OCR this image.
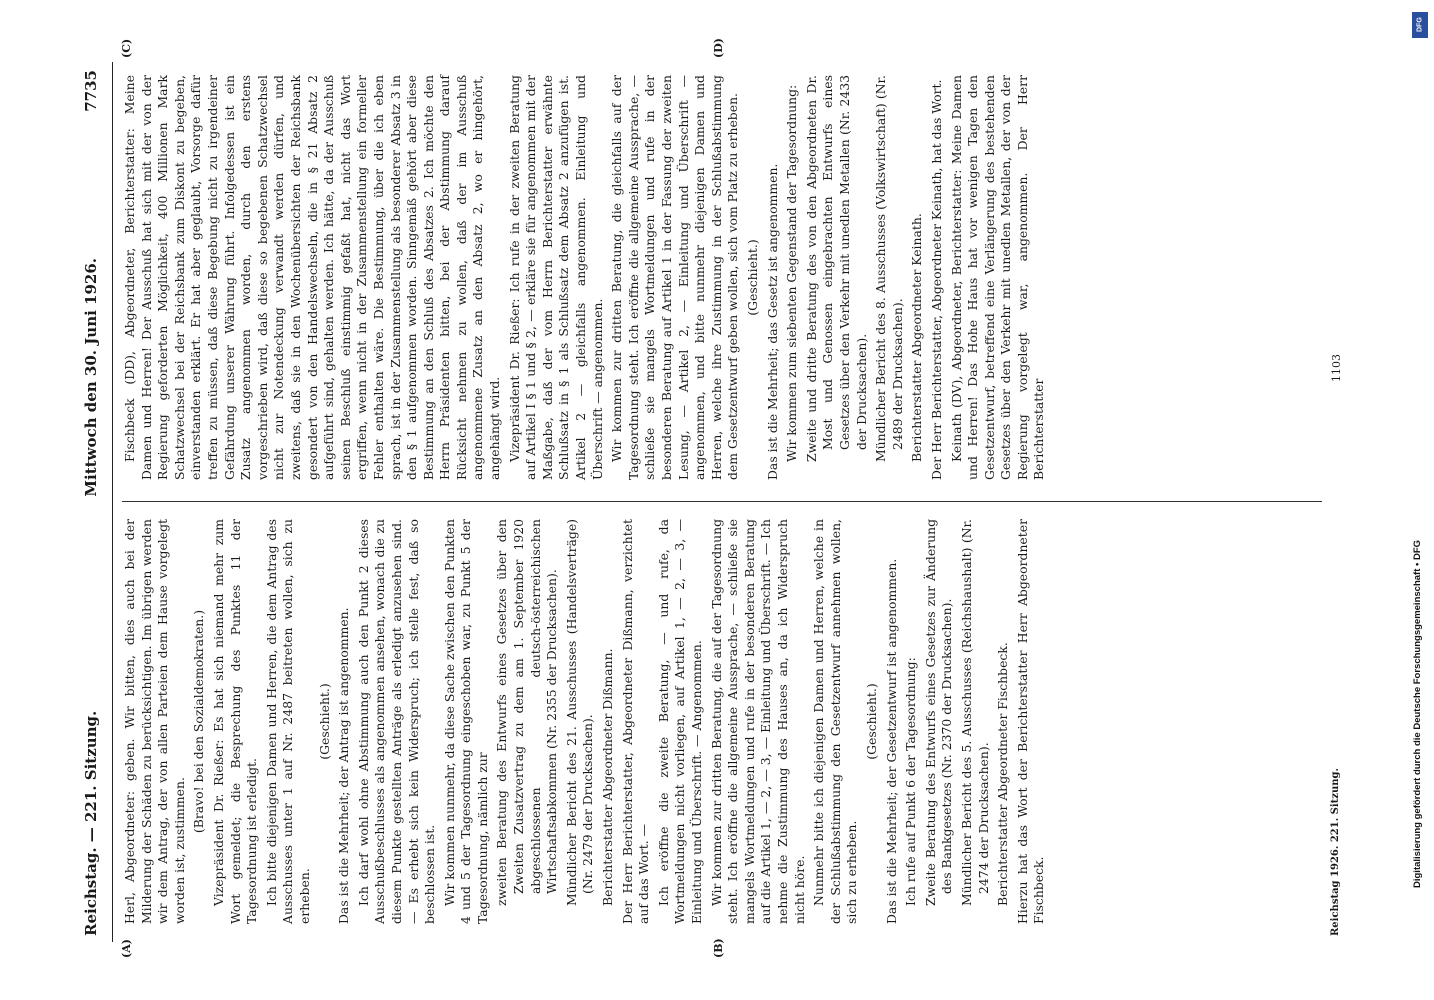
Reichstag. — 221. Sitzung.
Mittwoch den 30. Juni 1926.                            7735
(A)	(B)
(C)	(D)

Herl, Abgeordneter: geben. Wir bitten, dies auch bei der Milderung der Schäden zu berücksichtigen. Im übrigen werden wir dem Antrag, der von allen Parteien dem Hause vorgelegt worden ist, zustimmen.

(Bravo! bei den Sozialdemokraten.) Vizepräsident Dr. Rießer: Es hat sich niemand mehr zum Wort gemeldet; die Besprechung des Punktes 11 der Tagesordnung ist erledigt. Ich bitte diejenigen Damen und Herren, die dem Antrag des Ausschusses unter 1 auf Nr. 2487 beitreten wollen, sich zu erheben.

(Geschieht.) Das ist die Mehrheit; der Antrag ist angenommen. Ich darf wohl ohne Abstimmung auch den Punkt 2 dieses Ausschußbeschlusses als angenommen ansehen, wonach die zu diesem Punkte gestellten Anträge als erledigt anzusehen sind. — Es erhebt sich kein Widerspruch; ich stelle fest, daß so beschlossen ist. Wir kommen nunmehr, da diese Sache zwischen den Punkten 4 und 5 der Tagesordnung eingeschoben war, zu Punkt 5 der Tagesordnung, nämlich zur zweiten Beratung des Entwurfs eines Gesetzes über den Zweiten Zusatzvertrag zu dem am 1. September 1920 abgeschlossenen deutsch-österreichischen Wirtschaftsabkommen (Nr. 2355 der Drucksachen). Mündlicher Bericht des 21. Ausschusses (Handelsverträge) (Nr. 2479 der Drucksachen). Berichterstatter Abgeordneter Dißmann. Der Herr Berichterstatter, Abgeordneter Dißmann, verzichtet auf das Wort. — Ich eröffne die zweite Beratung, — und rufe, da Wortmeldungen nicht vorliegen, auf Artikel 1, — 2, — 3, — Einleitung und Überschrift. — Angenommen. Wir kommen zur dritten Beratung, die auf der Tagesordnung steht. Ich eröffne die allgemeine Aussprache, — schließe sie mangels Wortmeldungen und rufe in der besonderen Beratung auf die Artikel 1, — 2, — 3, — Einleitung und Überschrift. — Ich nehme die Zustimmung des Hauses an, da ich Widerspruch nicht höre. Nunmehr bitte ich diejenigen Damen und Herren, welche in der Schlußabstimmung den Gesetzentwurf annehmen wollen, sich zu erheben.

(Geschieht.) Das ist die Mehrheit; der Gesetzentwurf ist angenommen. Ich rufe auf Punkt 6 der Tagesordnung: Zweite Beratung des Entwurfs eines Gesetzes zur Änderung des Bankgesetzes (Nr. 2370 der Drucksachen). Mündlicher Bericht des 5. Ausschusses (Reichshaushalt) (Nr. 2474 der Drucksachen). Berichterstatter Abgeordneter Fischbeck. Hierzu hat das Wort der Berichterstatter Herr Abgeordneter Fischbeck.

Fischbeck (DD), Abgeordneter, Berichterstatter: Meine Damen und Herren! Der Ausschuß hat sich mit der von der Regierung geforderten Möglichkeit, 400 Millionen Mark Schatzwechsel bei der Reichsbank zum Diskont zu begeben, einverstanden erklärt. Er hat aber geglaubt, Vorsorge dafür treffen zu müssen, daß diese Begebung nicht zu irgendeiner Gefährdung unserer Währung führt. Infolgedessen ist ein Zusatz angenommen worden, durch den erstens vorgeschrieben wird, daß diese so begebenen Schatzwechsel nicht zur Notendeckung verwandt werden dürfen, und zweitens, daß sie in den Wochenübersichten der Reichsbank gesondert von den Handelswechseln, die in § 21 Absatz 2 aufgeführt sind, gehalten werden. Ich hätte, da der Ausschuß seinen Beschluß einstimmig gefaßt hat, nicht das Wort ergriffen, wenn nicht in der Zusammenstellung ein formeller Fehler enthalten wäre. Die Bestimmung, über die ich eben sprach, ist in der Zusammenstellung als besonderer Absatz 3 in den § 1 aufgenommen worden. Sinngemäß gehört aber diese Bestimmung an den Schluß des Absatzes 2. Ich möchte den Herrn Präsidenten bitten, bei der Abstimmung darauf Rücksicht nehmen zu wollen, daß der im Ausschuß angenommene Zusatz an den Absatz 2, wo er hingehört, angehängt wird. Vizepräsident Dr. Rießer: Ich rufe in der zweiten Beratung auf Artikel I § 1 und § 2, — erkläre sie für angenommen mit der Maßgabe, daß der vom Herrn Berichterstatter erwähnte Schlußsatz in § 1 als Schlußsatz dem Absatz 2 anzufügen ist. Artikel 2 — gleichfalls angenommen. Einleitung und Überschrift — angenommen. Wir kommen zur dritten Beratung, die gleichfalls auf der Tagesordnung steht. Ich eröffne die allgemeine Aussprache, — schließe sie mangels Wortmeldungen und rufe in der besonderen Beratung auf Artikel 1 in der Fassung der zweiten Lesung, — Artikel 2, — Einleitung und Überschrift — angenommen, und bitte nunmehr diejenigen Damen und Herren, welche ihre Zustimmung in der Schlußabstimmung dem Gesetzentwurf geben wollen, sich vom Platz zu erheben. (Geschieht.) Das ist die Mehrheit; das Gesetz ist angenommen. Wir kommen zum siebenten Gegenstand der Tagesordnung: Zweite und dritte Beratung des von den Abgeordneten Dr. Most und Genossen eingebrachten Entwurfs eines Gesetzes über den Verkehr mit unedlen Metallen (Nr. 2433 der Drucksachen). Mündlicher Bericht des 8. Ausschusses (Volkswirtschaft) (Nr. 2489 der Drucksachen). Berichterstatter Abgeordneter Keinath. Der Herr Berichterstatter, Abgeordneter Keinath, hat das Wort. Keinath (DV), Abgeordneter, Berichterstatter: Meine Damen und Herren! Das Hohe Haus hat vor wenigen Tagen den Gesetzentwurf, betreffend eine Verlängerung des bestehenden Gesetzes über den Verkehr mit unedlen Metallen, der von der Regierung vorgelegt war, angenommen. Der Herr Berichterstatter

Reichstag 1926. 221. Sitzung.
1103
DFG
Digitalisierung gefördert durch die Deutsche Forschungsgemeinschaft • DFG
